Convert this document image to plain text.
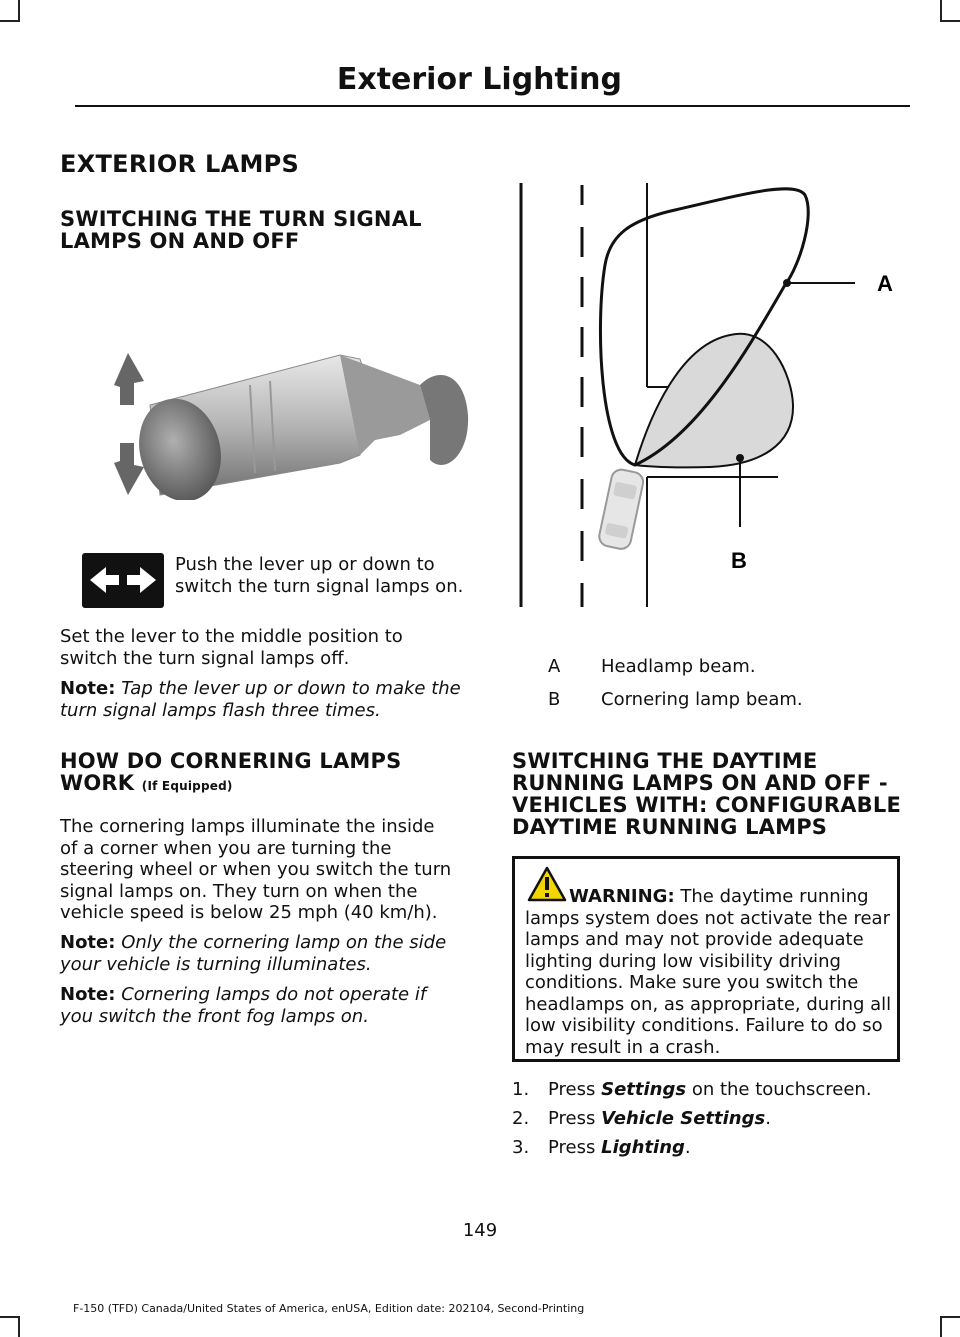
Exterior Lighting
EXTERIOR LAMPS
SWITCHING THE TURN SIGNAL
LAMPS ON AND OFF

Push the lever up or down to
switch the turn signal lamps on.

Set the lever to the middle position to
switch the turn signal lamps off.

Note: Tap the lever up or down to make the
turn signal lamps flash three times.

HOW DO CORNERING LAMPS
WORK (If Equipped)

The cornering lamps illuminate the inside
of a corner when you are turning the
steering wheel or when you switch the turn
signal lamps on. They turn on when the
vehicle speed is below 25 mph (40 km/h).

Note: Only the cornering lamp on the side
your vehicle is turning illuminates.

Note: Cornering lamps do not operate if
you switch the front fog lamps on.

A
B
A Headlamp beam.
B Cornering lamp beam.
SWITCHING THE DAYTIME
RUNNING LAMPS ON AND OFF -
VEHICLES WITH: CONFIGURABLE
DAYTIME RUNNING LAMPS
WARNING: The daytime running
lamps system does not activate the rear
lamps and may not provide adequate
lighting during low visibility driving
conditions. Make sure you switch the
headlamps on, as appropriate, during all
low visibility conditions. Failure to do so
may result in a crash.
1. Press Settings on the touchscreen.
2. Press Vehicle Settings.
3. Press Lighting.
149
F-150 (TFD) Canada/United States of America, enUSA, Edition date: 202104, Second-Printing
